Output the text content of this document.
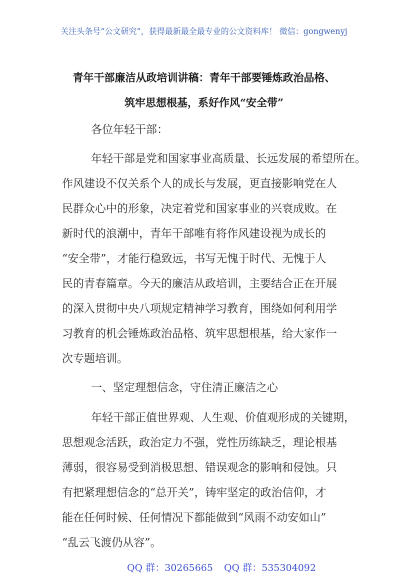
关注头条号“公文研究”，获得最新最全最专业的公文资料库！ 微信：gongwenyj
青年干部廉洁从政培训讲稿：青年干部要锤炼政治品格、
筑牢思想根基，系好作风“安全带”
各位年轻干部：
年轻干部是党和国家事业高质量、长远发展的希望所在。
作风建设不仅关系个人的成长与发展，更直接影响党在人
民群众心中的形象，决定着党和国家事业的兴衰成败。在
新时代的浪潮中，青年干部唯有将作风建设视为成长的
“安全带”，才能行稳致远，书写无愧于时代、无愧于人
民的青春篇章。今天的廉洁从政培训，主要结合正在开展
的深入贯彻中央八项规定精神学习教育，围绕如何利用学
习教育的机会锤炼政治品格、筑牢思想根基，给大家作一
次专题培训。
一、坚定理想信念，守住清正廉洁之心
年轻干部正值世界观、人生观、价值观形成的关键期，
思想观念活跃，政治定力不强，党性历练缺乏，理论根基
薄弱，很容易受到消极思想、错误观念的影响和侵蚀。只
有把紧理想信念的“总开关”，铸牢坚定的政治信仰，才
能在任何时候、任何情况下都能做到“风雨不动安如山”
“乱云飞渡仍从容”。
QQ 群：30265665 QQ 群：535304092
